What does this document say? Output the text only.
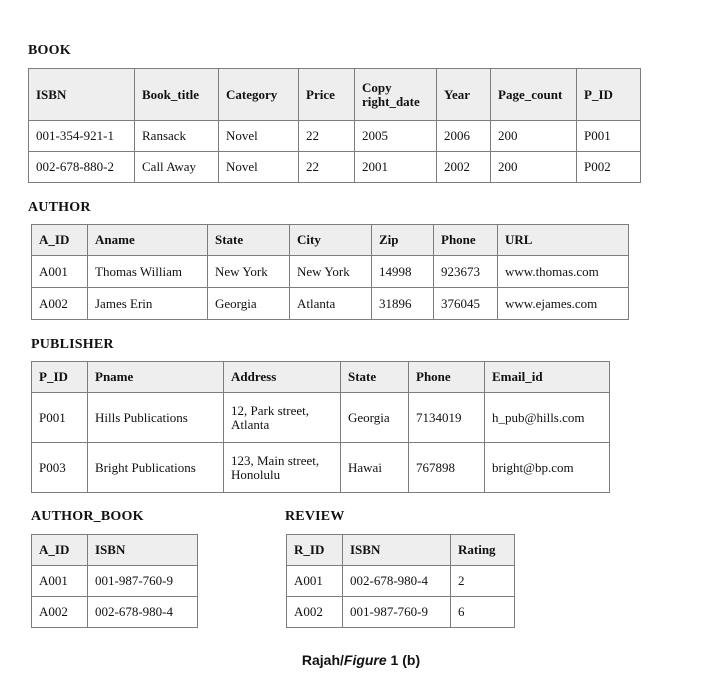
BOOK
ISBN	Book_title	Category	Price	Copy right_date	Year	Page_count	P_ID
001-354-921-1	Ransack	Novel	22	2005	2006	200	P001
002-678-880-2	Call Away	Novel	22	2001	2002	200	P002
AUTHOR
A_ID	Aname	State	City	Zip	Phone	URL
A001	Thomas William	New York	New York	14998	923673	www.thomas.com
A002	James Erin	Georgia	Atlanta	31896	376045	www.ejames.com
PUBLISHER
P_ID	Pname	Address	State	Phone	Email_id
P001	Hills Publications	12, Park street, Atlanta	Georgia	7134019	h_pub@hills.com
P003	Bright Publications	123, Main street, Honolulu	Hawai	767898	bright@bp.com
AUTHOR_BOOK
A_ID	ISBN
A001	001-987-760-9
A002	002-678-980-4
REVIEW
R_ID	ISBN	Rating
A001	002-678-980-4	2
A002	001-987-760-9	6
Rajah/Figure 1 (b)
